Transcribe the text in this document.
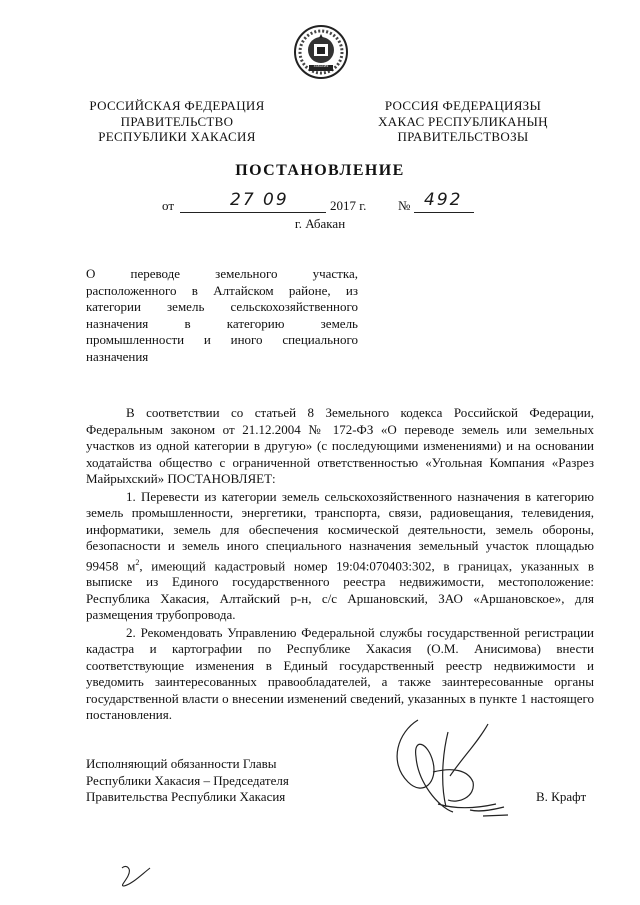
ХАКАСИЯ
РОССИЙСКАЯ ФЕДЕРАЦИЯ
ПРАВИТЕЛЬСТВО
РЕСПУБЛИКИ ХАКАСИЯ
РОССИЯ ФЕДЕРАЦИЯЗЫ
ХАКАС РЕСПУБЛИКАНЫҢ
ПРАВИТЕЛЬСТВОЗЫ
ПОСТАНОВЛЕНИЕ
от	27 09	2017 г. № 492
г. Абакан
О переводе земельного участка,
расположенного в Алтайском районе, из
категории земель сельскохозяйственного
назначения в категорию земель
промышленности и иного специального
назначения

В соответствии со статьей 8 Земельного кодекса Российской Федерации, Федеральным законом от 21.12.2004 № 172-ФЗ «О переводе земель или земельных участков из одной категории в другую» (с последующими изменениями) и на основании ходатайства общество с ограниченной ответственностью «Угольная Компания «Разрез Майрыхский» ПОСТАНОВЛЯЕТ:

1. Перевести из категории земель сельскохозяйственного назначения в категорию земель промышленности, энергетики, транспорта, связи, радиовещания, телевидения, информатики, земель для обеспечения космической деятельности, земель обороны, безопасности и земель иного специального назначения земельный участок площадью 99458 $м^2$, имеющий кадастровый номер 19:04:070403:302, в границах, указанных в выписке из Единого государственного реестра недвижимости, местоположение: Республика Хакасия, Алтайский р-н, с/с Аршановский, ЗАО «Аршановское», для размещения трубопровода.

2. Рекомендовать Управлению Федеральной службы государственной регистрации кадастра и картографии по Республике Хакасия (О.М. Анисимова) внести соответствующие изменения в Единый государственный реестр недвижимости и уведомить заинтересованных правообладателей, а также заинтересованные органы государственной власти о внесении изменений сведений, указанных в пункте 1 настоящего постановления.

Исполняющий обязанности Главы
Республики Хакасия – Председателя
Правительства Республики Хакасия	В. Крафт
